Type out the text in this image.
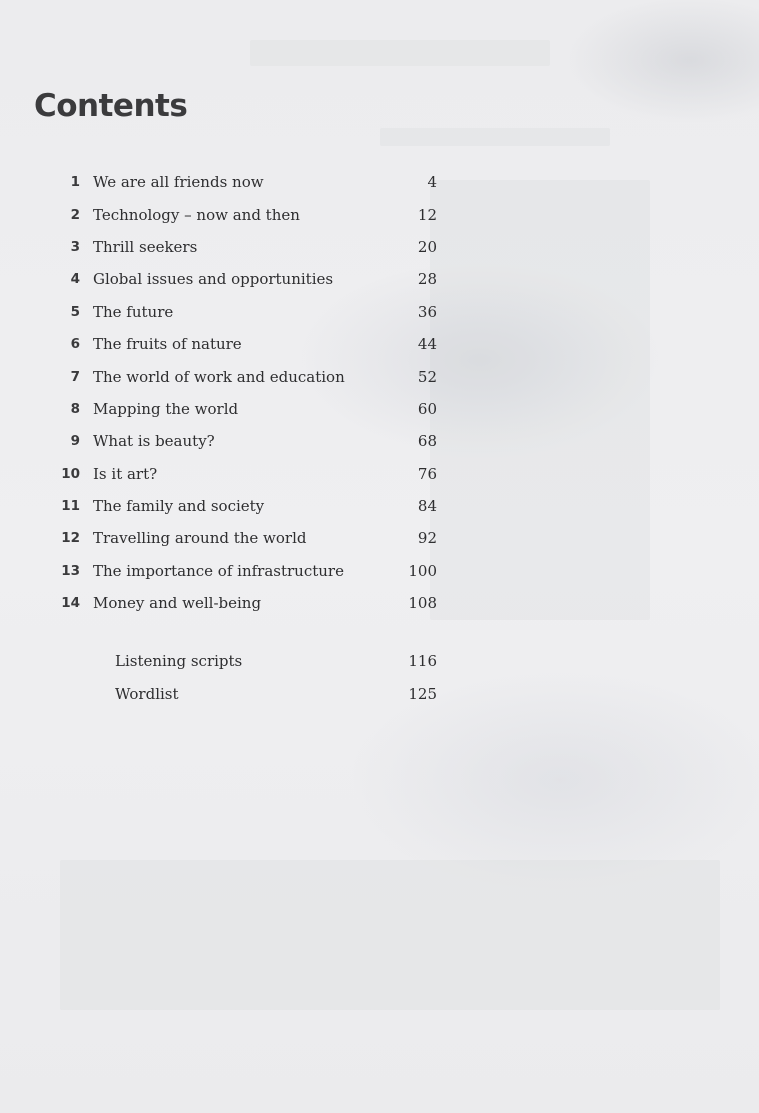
Contents
1 We are all friends now	4
2 Technology – now and then	12
3 Thrill seekers	20
4 Global issues and opportunities	28
5 The future	36
6 The fruits of nature	44
7 The world of work and education	52
8 Mapping the world	60
9 What is beauty?	68
10 Is it art?	76
11 The family and society	84
12 Travelling around the world	92
13 The importance of infrastructure	100
14 Money and well-being	108
Listening scripts	116
Wordlist	125
